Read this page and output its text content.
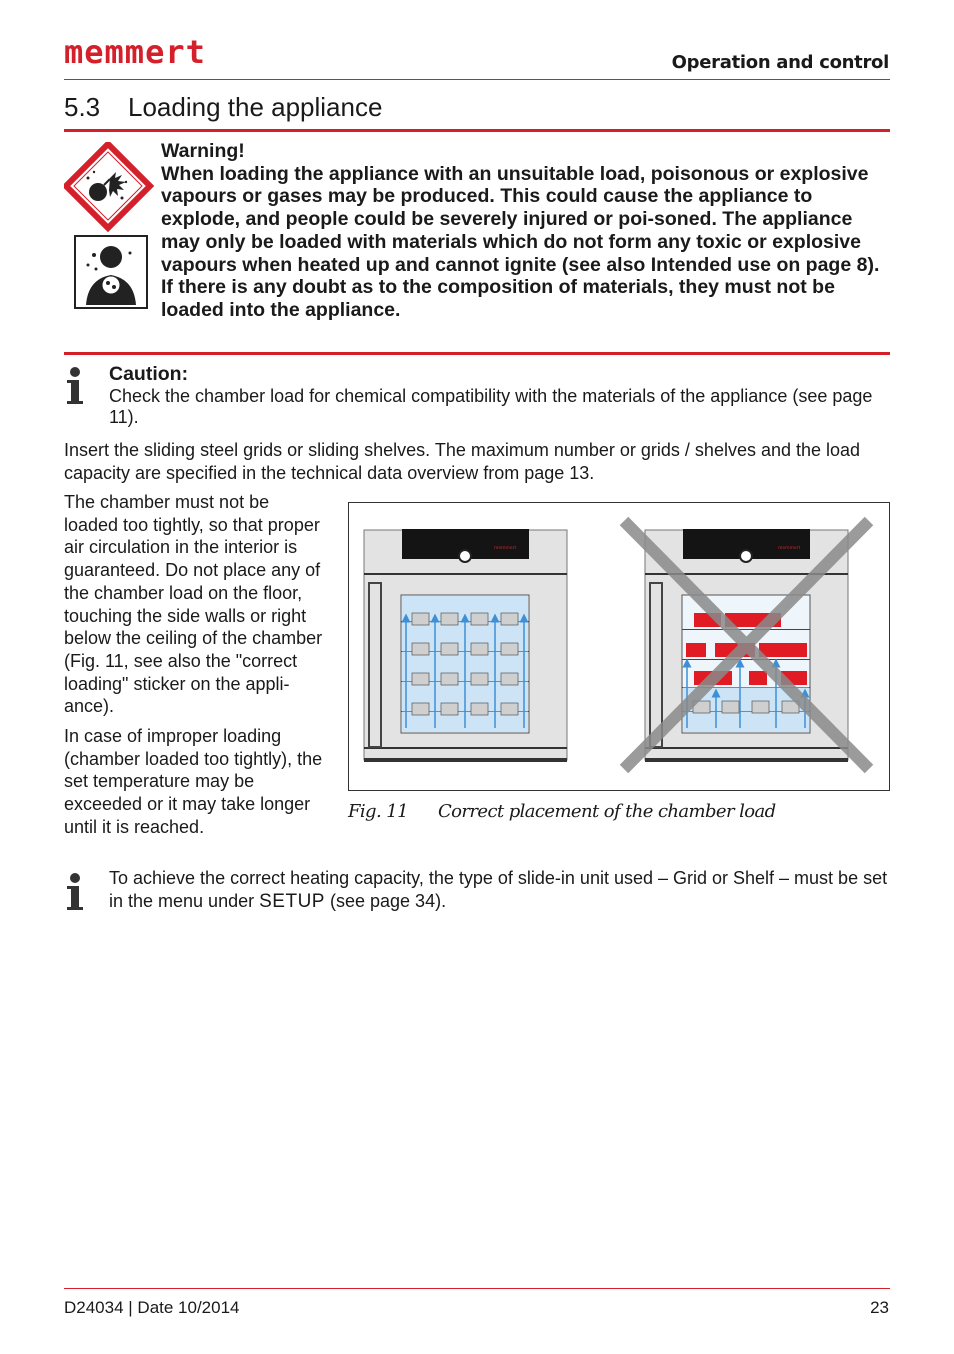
memmert	Operation and control
5.3 Loading the appliance
Warning!
When loading the appliance with an unsuitable load, poisonous or explosive vapours or gases may be produced. This could cause the appliance to explode, and people could be severely injured or poi-soned. The appliance may only be loaded with materials which do not form any toxic or explosive vapours when heated up and cannot ignite (see also Intended use on page 8). If there is any doubt as to the composition of materials, they must not be loaded into the appliance.
Caution:
Check the chamber load for chemical compatibility with the materials of the appliance (see page 11).
Insert the sliding steel grids or sliding shelves. The maximum number or grids / shelves and the load capacity are specified in the technical data overview from page 13.

The chamber must not be loaded too tightly, so that proper air circulation in the interior is guaranteed. Do not place any of the chamber load on the floor, touching the side walls or right below the ceiling of the chamber (Fig. 11, see also the "correct loading" sticker on the appli-ance).

In case of improper loading (chamber loaded too tightly), the set temperature may be exceeded or it may take longer until it is reached.

memmert	memmert
Fig. 11 Correct placement of the chamber load
To achieve the correct heating capacity, the type of slide-in unit used – Grid or Shelf – must be set in the menu under SETUP (see page 34).
D24034 | Date 10/2014	23
